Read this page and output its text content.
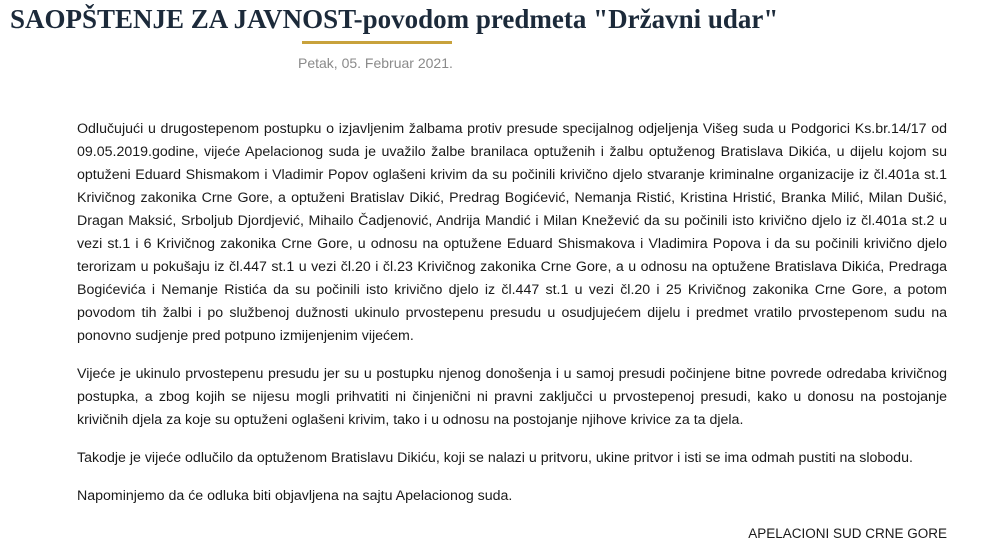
SAOPŠTENJE ZA JAVNOST-povodom predmeta "Državni udar"
Petak, 05. Februar 2021.

Odlučujući u drugostepenom postupku o izjavljenim žalbama protiv presude specijalnog odjeljenja Višeg suda u Podgorici Ks.br.14/17 od 09.05.2019.godine, vijeće Apelacionog suda je uvažilo žalbe branilaca optuženih i žalbu optuženog Bratislava Dikića, u dijelu kojom su optuženi Eduard Shismakom i Vladimir Popov oglašeni krivim da su počinili krivično djelo stvaranje kriminalne organizacije iz čl.401a st.1 Krivičnog zakonika Crne Gore, a optuženi Bratislav Dikić, Predrag Bogićević, Nemanja Ristić, Kristina Hristić, Branka Milić, Milan Dušić, Dragan Maksić, Srboljub Djordjević, Mihailo Čadjenović, Andrija Mandić i Milan Knežević da su počinili isto krivično djelo iz čl.401a st.2 u vezi st.1 i 6 Krivičnog zakonika Crne Gore, u odnosu na optužene Eduard Shismakova i Vladimira Popova i da su počinili krivično djelo terorizam u pokušaju iz čl.447 st.1 u vezi čl.20 i čl.23 Krivičnog zakonika Crne Gore, a u odnosu na optužene Bratislava Dikića, Predraga Bogićevića i Nemanje Ristića da su počinili isto krivično djelo iz čl.447 st.1 u vezi čl.20 i 25 Krivičnog zakonika Crne Gore, a potom povodom tih žalbi i po službenoj dužnosti ukinulo prvostepenu presudu u osudjujećem dijelu i predmet vratilo prvostepenom sudu na ponovno sudjenje pred potpuno izmijenjenim vijećem.

Vijeće je ukinulo prvostepenu presudu jer su u postupku njenog donošenja i u samoj presudi počinjene bitne povrede odredaba krivičnog postupka, a zbog kojih se nijesu mogli prihvatiti ni činjenični ni pravni zaključci u prvostepenoj presudi, kako u donosu na postojanje krivičnih djela za koje su optuženi oglašeni krivim, tako i u odnosu na postojanje njihove krivice za ta djela.

Takodje je vijeće odlučilo da optuženom Bratislavu Dikiću, koji se nalazi u pritvoru, ukine pritvor i isti se ima odmah pustiti na slobodu.

Napominjemo da će odluka biti objavljena na sajtu Apelacionog suda.

APELACIONI SUD CRNE GORE
